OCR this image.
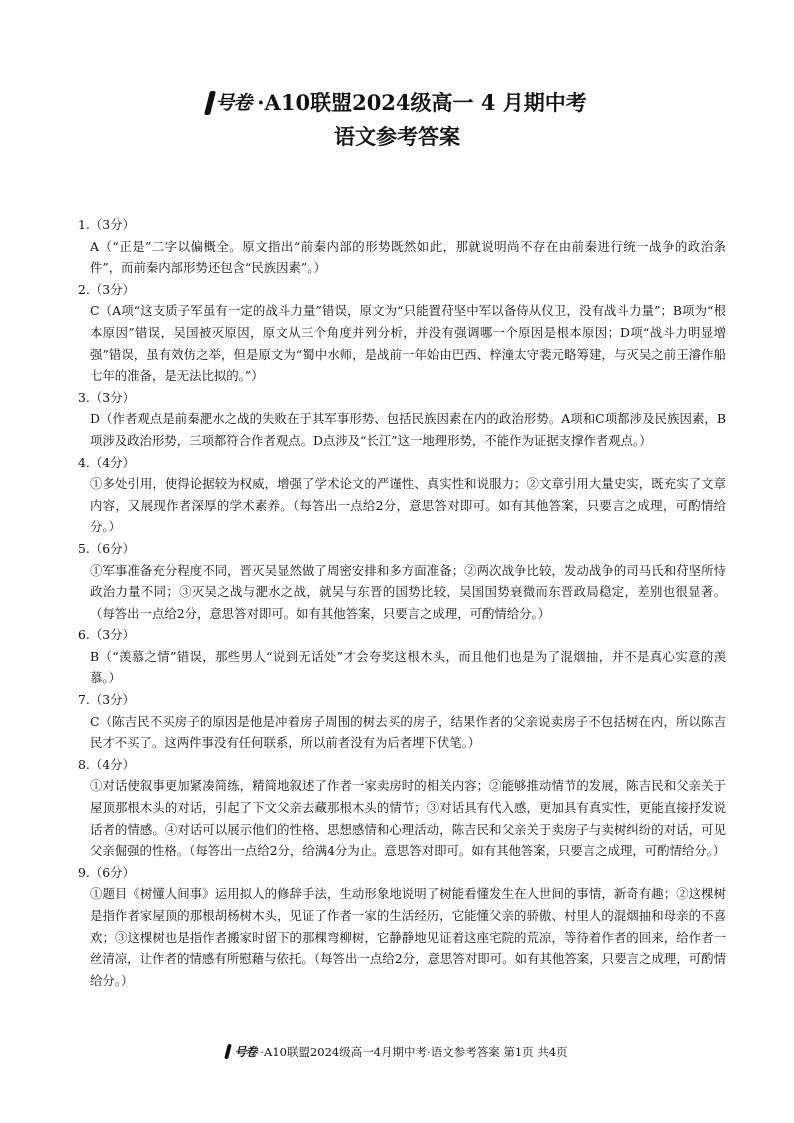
号卷 ·A10联盟2024级高一 4 月期中考
语文参考答案

1.（3分）

A（“正是”二字以偏概全。原文指出“前秦内部的形势既然如此，那就说明尚不存在由前秦进行统一战争的政治条件”，而前秦内部形势还包含“民族因素”。）

2.（3分）

C（A项“这支质子军虽有一定的战斗力量”错误，原文为“只能置苻坚中军以备侍从仪卫，没有战斗力量”；B项为“根本原因”错误，吴国被灭原因，原文从三个角度并列分析，并没有强调哪一个原因是根本原因；D项“战斗力明显增强”错误，虽有效仿之举，但是原文为“蜀中水师，是战前一年始由巴西、梓潼太守裴元略筹建，与灭吴之前王濬作船七年的准备，是无法比拟的。”）

3.（3分）

D（作者观点是前秦淝水之战的失败在于其军事形势、包括民族因素在内的政治形势。A项和C项都涉及民族因素，B项涉及政治形势，三项都符合作者观点。D点涉及“长江”这一地理形势，不能作为证据支撑作者观点。）

4.（4分）

①多处引用，使得论据较为权威，增强了学术论文的严谨性、真实性和说服力；②文章引用大量史实，既充实了文章内容，又展现作者深厚的学术素养。（每答出一点给2分，意思答对即可。如有其他答案，只要言之成理，可酌情给分。）

5.（6分）

①军事准备充分程度不同，晋灭吴显然做了周密安排和多方面准备；②两次战争比较，发动战争的司马氏和苻坚所恃政治力量不同；③灭吴之战与淝水之战，就吴与东晋的国势比较，吴国国势衰微而东晋政局稳定，差别也很显著。（每答出一点给2分，意思答对即可。如有其他答案，只要言之成理，可酌情给分。）

6.（3分）

B（“羡慕之情”错误，那些男人“说到无话处”才会夸奖这根木头，而且他们也是为了混烟抽，并不是真心实意的羡慕。）

7.（3分）

C（陈吉民不买房子的原因是他是冲着房子周围的树去买的房子，结果作者的父亲说卖房子不包括树在内，所以陈吉民才不买了。这两件事没有任何联系，所以前者没有为后者埋下伏笔。）

8.（4分）

①对话使叙事更加紧凑简练，精简地叙述了作者一家卖房时的相关内容；②能够推动情节的发展，陈吉民和父亲关于屋顶那根木头的对话，引起了下文父亲去藏那根木头的情节；③对话具有代入感，更加具有真实性，更能直接抒发说话者的情感。④对话可以展示他们的性格、思想感情和心理活动，陈吉民和父亲关于卖房子与卖树纠纷的对话，可见父亲倔强的性格。（每答出一点给2分，给满4分为止。意思答对即可。如有其他答案，只要言之成理，可酌情给分。）

9.（6分）

①题目《树懂人间事》运用拟人的修辞手法，生动形象地说明了树能看懂发生在人世间的事情，新奇有趣；②这棵树是指作者家屋顶的那根胡杨树木头，见证了作者一家的生活经历，它能懂父亲的骄傲、村里人的混烟抽和母亲的不喜欢；③这棵树也是指作者搬家时留下的那棵弯柳树，它静静地见证着这座宅院的荒凉，等待着作者的回来，给作者一丝清凉，让作者的情感有所慰藉与依托。（每答出一点给2分，意思答对即可。如有其他答案，只要言之成理，可酌情给分。）

号卷 ·A10联盟2024级高一4月期中考·语文参考答案 第1页 共4页
